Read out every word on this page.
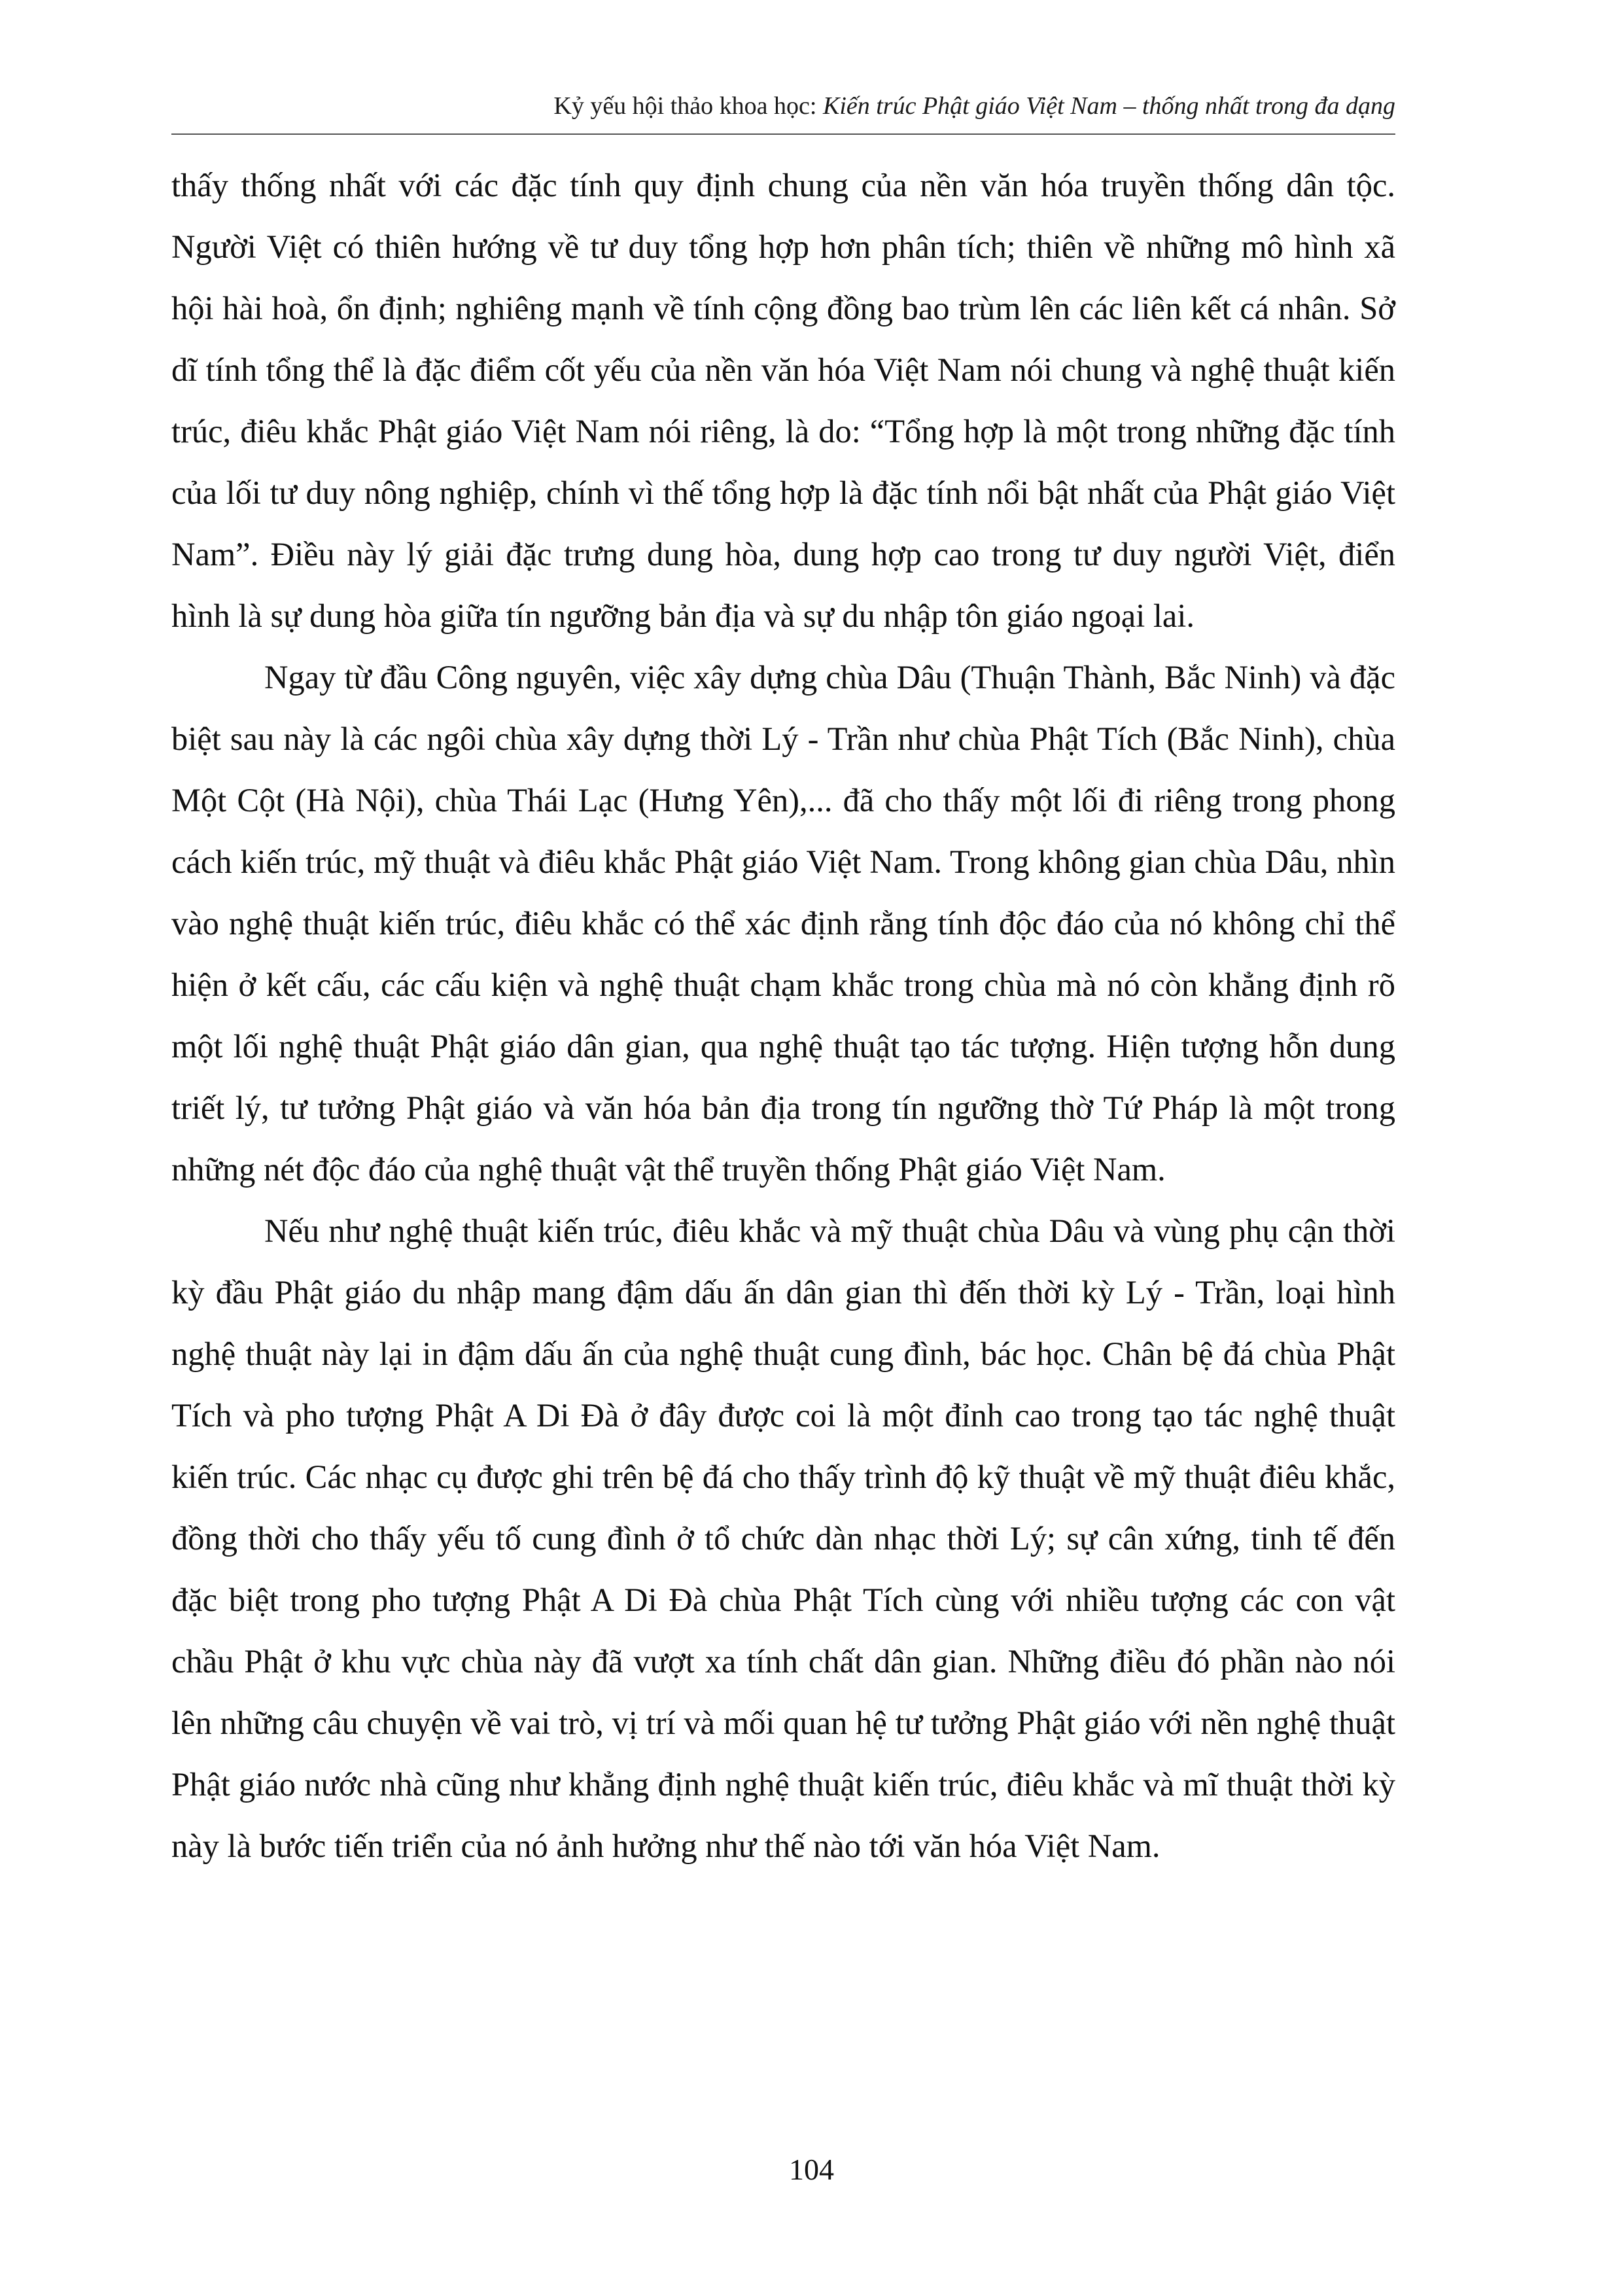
Kỷ yếu hội thảo khoa học: Kiến trúc Phật giáo Việt Nam – thống nhất trong đa dạng

thấy thống nhất với các đặc tính quy định chung của nền văn hóa truyền thống dân tộc. Người Việt có thiên hướng về tư duy tổng hợp hơn phân tích; thiên về những mô hình xã hội hài hoà, ổn định; nghiêng mạnh về tính cộng đồng bao trùm lên các liên kết cá nhân. Sở dĩ tính tổng thể là đặc điểm cốt yếu của nền văn hóa Việt Nam nói chung và nghệ thuật kiến trúc, điêu khắc Phật giáo Việt Nam nói riêng, là do: “Tổng hợp là một trong những đặc tính của lối tư duy nông nghiệp, chính vì thế tổng hợp là đặc tính nổi bật nhất của Phật giáo Việt Nam”. Điều này lý giải đặc trưng dung hòa, dung hợp cao trong tư duy người Việt, điển hình là sự dung hòa giữa tín ngưỡng bản địa và sự du nhập tôn giáo ngoại lai.

Ngay từ đầu Công nguyên, việc xây dựng chùa Dâu (Thuận Thành, Bắc Ninh) và đặc biệt sau này là các ngôi chùa xây dựng thời Lý - Trần như chùa Phật Tích (Bắc Ninh), chùa Một Cột (Hà Nội), chùa Thái Lạc (Hưng Yên),... đã cho thấy một lối đi riêng trong phong cách kiến trúc, mỹ thuật và điêu khắc Phật giáo Việt Nam. Trong không gian chùa Dâu, nhìn vào nghệ thuật kiến trúc, điêu khắc có thể xác định rằng tính độc đáo của nó không chỉ thể hiện ở kết cấu, các cấu kiện và nghệ thuật chạm khắc trong chùa mà nó còn khẳng định rõ một lối nghệ thuật Phật giáo dân gian, qua nghệ thuật tạo tác tượng. Hiện tượng hỗn dung triết lý, tư tưởng Phật giáo và văn hóa bản địa trong tín ngưỡng thờ Tứ Pháp là một trong những nét độc đáo của nghệ thuật vật thể truyền thống Phật giáo Việt Nam.

Nếu như nghệ thuật kiến trúc, điêu khắc và mỹ thuật chùa Dâu và vùng phụ cận thời kỳ đầu Phật giáo du nhập mang đậm dấu ấn dân gian thì đến thời kỳ Lý - Trần, loại hình nghệ thuật này lại in đậm dấu ấn của nghệ thuật cung đình, bác học. Chân bệ đá chùa Phật Tích và pho tượng Phật A Di Đà ở đây được coi là một đỉnh cao trong tạo tác nghệ thuật kiến trúc. Các nhạc cụ được ghi trên bệ đá cho thấy trình độ kỹ thuật về mỹ thuật điêu khắc, đồng thời cho thấy yếu tố cung đình ở tổ chức dàn nhạc thời Lý; sự cân xứng, tinh tế đến đặc biệt trong pho tượng Phật A Di Đà chùa Phật Tích cùng với nhiều tượng các con vật chầu Phật ở khu vực chùa này đã vượt xa tính chất dân gian. Những điều đó phần nào nói lên những câu chuyện về vai trò, vị trí và mối quan hệ tư tưởng Phật giáo với nền nghệ thuật Phật giáo nước nhà cũng như khẳng định nghệ thuật kiến trúc, điêu khắc và mĩ thuật thời kỳ này là bước tiến triển của nó ảnh hưởng như thế nào tới văn hóa Việt Nam.

104
